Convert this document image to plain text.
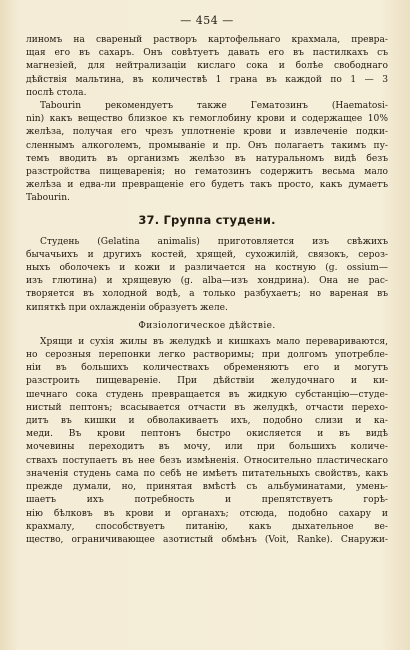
— 454 —
линомъ на свареный растворъ картофельнаго крахмала, превра-
щая его въ сахаръ. Онъ совѣтуетъ давать его въ пастилкахъ съ
магнезіей, для нейтрализаціи кислаго сока и болѣе свободнаго
дѣйствія мальтина, въ количествѣ 1 грана въ каждой по 1 — 3
послѣ стола.
Tabourin рекомендуетъ также Гематозинъ (Haematosi-
nin) какъ вещество близкое къ гемоглобину крови и содержащее 10%
желѣза, получая его чрезъ уплотненіе крови и извлеченіе подки-
сленнымъ алкоголемъ, промываніе и пр. Онъ полагаетъ такимъ пу-
темъ вводить въ организмъ желѣзо въ натуральномъ видѣ безъ
разстройства пищеваренія; но гематозинъ содержитъ весьма мало
желѣза и едва-ли превращеніе его будетъ такъ просто, какъ думаетъ
Tabourin.
37. Группа студени.
Студень (Gelatina animalis) приготовляется изъ свѣжихъ
бычачьихъ и другихъ костей, хрящей, сухожилій, связокъ, сероз-
ныхъ оболочекъ и кожи и различается на костную (g. ossium—
изъ глютина) и хрящевую (g. alba—изъ хондрина). Она не рас-
творяется въ холодной водѣ, а только разбухаетъ; но вареная въ
кипяткѣ при охлажденіи образуетъ желе.
Физіологическое дѣйствіе.
Хрящи и сухія жилы въ желудкѣ и кишкахъ мало перевариваются,
но серозныя перепонки легко растворимы; при долгомъ употребле-
ніи въ большихъ количествахъ обременяютъ его и могутъ
разстроить пищевареніе. При дѣйствіи желудочнаго и ки-
шечнаго сока студень превращается въ жидкую субстанцію—студе-
нистый пептонъ; всасывается отчасти въ желудкѣ, отчасти перехо-
дитъ въ кишки и обволакиваетъ ихъ, подобно слизи и ка-
меди. Въ крови пептонъ быстро окисляется и въ видѣ
мочевины переходитъ въ мочу, или при большихъ количе-
ствахъ поступаетъ въ нее безъ измѣненія. Относительно пластическаго
значенія студень сама по себѣ не имѣетъ питательныхъ свойствъ, какъ
прежде думали, но, принятая вмѣстѣ съ альбуминатами, умень-
шаетъ ихъ потребность и препятствуетъ горѣ-
нію бѣлковъ въ крови и органахъ; отсюда, подобно сахару и
крахмалу, способствуетъ питанію, какъ дыхательное ве-
щество, ограничивающее азотистый обмѣнъ (Voit, Ranke). Снаружи-
